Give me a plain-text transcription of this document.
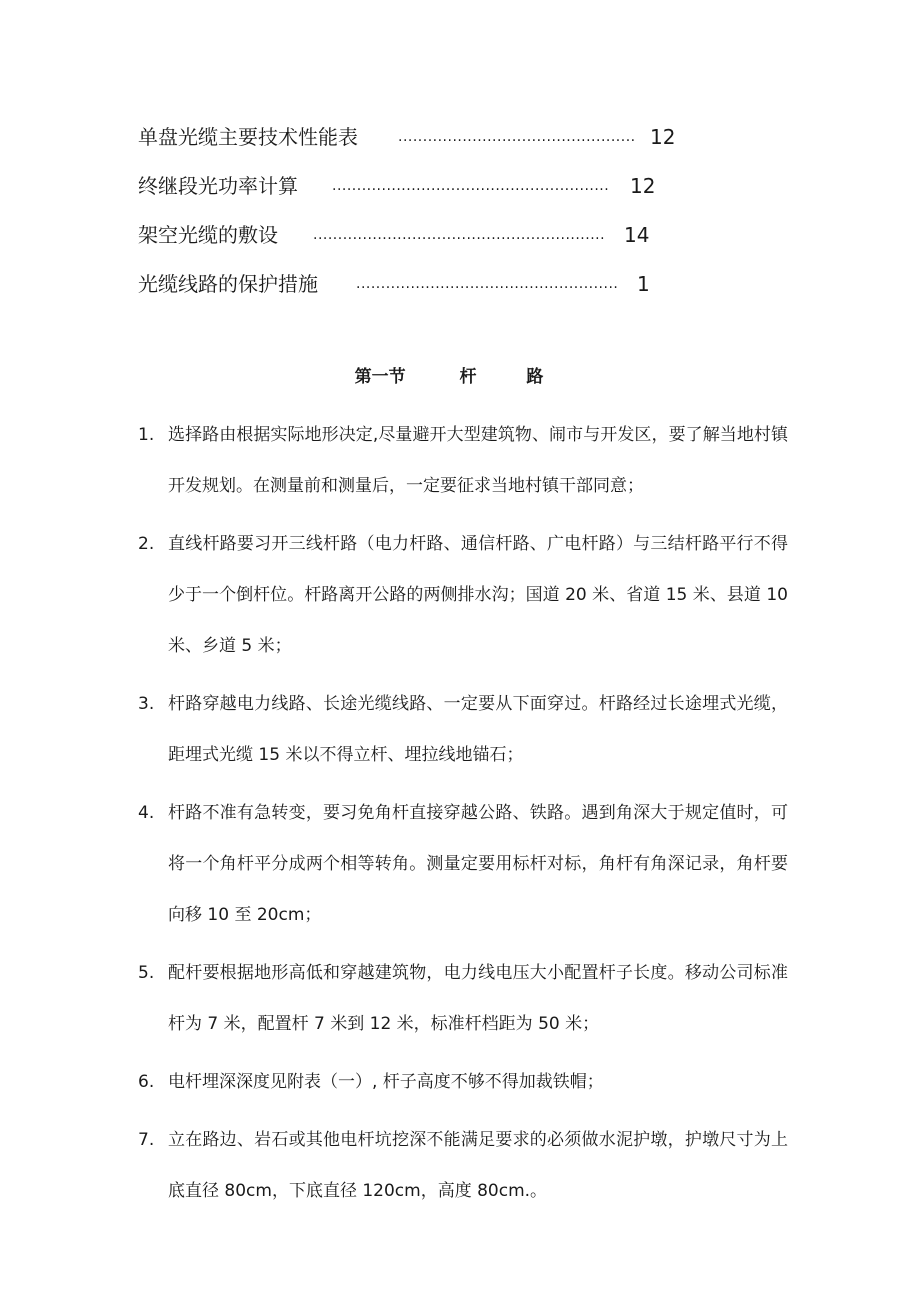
单盘光缆主要技术性能表	................................................ 12
终继段光功率计算 ........................................................ 12
架空光缆的敷设	........................................................... 14
光缆线路的保护措施	..................................................... 1
第一节	杆 路
1. 选择路由根据实际地形决定,尽量避开大型建筑物、闹市与开发区，要了解当地村镇开发规划。在测量前和测量后，一定要征求当地村镇干部同意；
2. 直线杆路要习开三线杆路（电力杆路、通信杆路、广电杆路）与三结杆路平行不得少于一个倒杆位。杆路离开公路的两侧排水沟；国道 20 米、省道 15 米、县道 10 米、乡道 5 米；
3. 杆路穿越电力线路、长途光缆线路、一定要从下面穿过。杆路经过长途埋式光缆，距埋式光缆 15 米以不得立杆、埋拉线地锚石；
4. 杆路不准有急转变，要习免角杆直接穿越公路、铁路。遇到角深大于规定值时，可将一个角杆平分成两个相等转角。测量定要用标杆对标，角杆有角深记录，角杆要向移 10 至 20cm；
5. 配杆要根据地形高低和穿越建筑物，电力线电压大小配置杆子长度。移动公司标准杆为 7 米，配置杆 7 米到 12 米，标准杆档距为 50 米；
6. 电杆埋深深度见附表（一）, 杆子高度不够不得加裁铁帽；
7. 立在路边、岩石或其他电杆坑挖深不能满足要求的必须做水泥护墩，护墩尺寸为上底直径 80cm，下底直径 120cm，高度 80cm.。
